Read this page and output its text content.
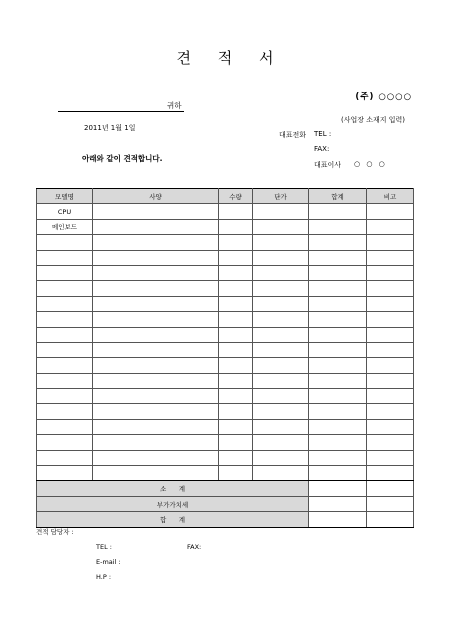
견 적 서
(주) ○○○○
귀하
(사업장 소재지 입력)
2011년 1월 1일
대표전화 TEL :
FAX:
아래와 같이 견적합니다.
대표이사 ○ ○ ○
모델명	사양	수량	단가	합계	비고
CPU					
메인보드					

소      계					
부가가치세					
합      계					
견적 담당자 :
TEL :	FAX:
E-mail :
H.P :
